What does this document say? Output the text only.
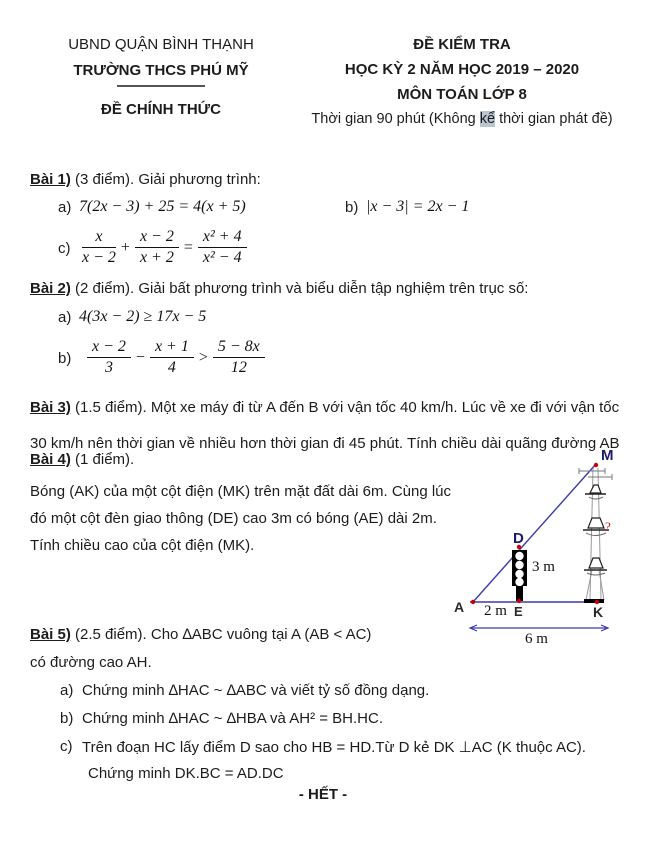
UBND QUẬN BÌNH THẠNH
TRƯỜNG THCS PHÚ MỸ
ĐỀ CHÍNH THỨC
ĐỀ KIỂM TRA
HỌC KỲ 2 NĂM HỌC 2019 – 2020
MÔN TOÁN LỚP 8
Thời gian 90 phút (Không kể thời gian phát đề)
Bài 1) (3 điểm). Giải phương trình:
a) 7(2x − 3) + 25 = 4(x + 5)	b) |x − 3| = 2x − 1
$c) \frac{x}{x - 2} + \frac{x - 2}{x + 2} = \frac{\text{x² + 4}}{\text{x² − 4}}$
Bài 2) (2 điểm). Giải bất phương trình và biểu diễn tập nghiệm trên trục số:
a) 4(3x − 2) ≥ 17x − 5
$b) \frac{x - 2}{3} - \frac{x + 1}{4} > \frac{5 - 8x}{12}$
Bài 3) (1.5 điểm). Một xe máy đi từ A đến B với vận tốc 40 km/h. Lúc về xe đi với vận tốc 30 km/h nên thời gian về nhiều hơn thời gian đi 45 phút. Tính chiều dài quãng đường AB
Bài 4) (1 điểm).
Bóng (AK) của một cột điện (MK) trên mặt đất dài 6m. Cùng lúc đó một cột đèn giao thông (DE) cao 3m có bóng (AE) dài 2m. Tính chiều cao của cột điện (MK).
M
D
A	E	K
3 m
2 m
6 m
?
Bài 5) (2.5 điểm). Cho ∆ABC vuông tại A (AB < AC)
có đường cao AH.
a) Chứng minh ∆HAC ~ ∆ABC và viết tỷ số đồng dạng.
b) Chứng minh ∆HAC ~ ∆HBA và AH² = BH.HC.
c) Trên đoạn HC lấy điểm D sao cho HB = HD.Từ D kẻ DK ⊥AC (K thuộc AC).
Chứng minh DK.BC = AD.DC
- HẾT -
